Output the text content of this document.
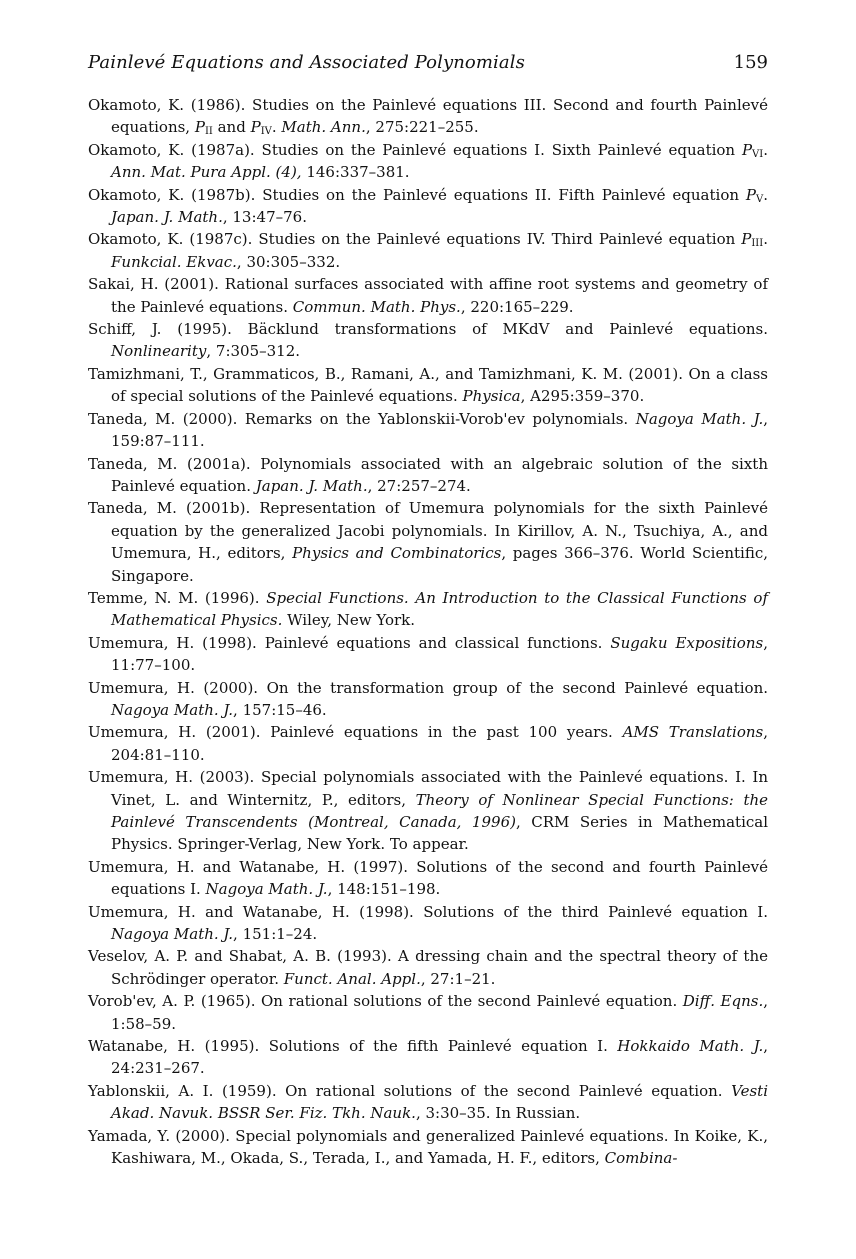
Painlevé Equations and Associated Polynomials	159
Okamoto, K. (1986). Studies on the Painlevé equations III. Second and fourth Painlevé equations, $P_{II}$ and $P_{IV}$. Math. Ann., 275:221–255.
Okamoto, K. (1987a). Studies on the Painlevé equations I. Sixth Painlevé equation $P_{VI}$. Ann. Mat. Pura Appl. (4), 146:337–381.
Okamoto, K. (1987b). Studies on the Painlevé equations II. Fifth Painlevé equation $P_V$. Japan. J. Math., 13:47–76.
Okamoto, K. (1987c). Studies on the Painlevé equations IV. Third Painlevé equation $P_{III}$. Funkcial. Ekvac., 30:305–332.
Sakai, H. (2001). Rational surfaces associated with affine root systems and geometry of the Painlevé equations. Commun. Math. Phys., 220:165–229.
Schiff, J. (1995). Bäcklund transformations of MKdV and Painlevé equations. Nonlinearity, 7:305–312.
Tamizhmani, T., Grammaticos, B., Ramani, A., and Tamizhmani, K. M. (2001). On a class of special solutions of the Painlevé equations. Physica, A295:359–370.
Taneda, M. (2000). Remarks on the Yablonskii-Vorob'ev polynomials. Nagoya Math. J., 159:87–111.
Taneda, M. (2001a). Polynomials associated with an algebraic solution of the sixth Painlevé equation. Japan. J. Math., 27:257–274.
Taneda, M. (2001b). Representation of Umemura polynomials for the sixth Painlevé equation by the generalized Jacobi polynomials. In Kirillov, A. N., Tsuchiya, A., and Umemura, H., editors, Physics and Combinatorics, pages 366–376. World Scientific, Singapore.
Temme, N. M. (1996). Special Functions. An Introduction to the Classical Functions of Mathematical Physics. Wiley, New York.
Umemura, H. (1998). Painlevé equations and classical functions. Sugaku Expositions, 11:77–100.
Umemura, H. (2000). On the transformation group of the second Painlevé equation. Nagoya Math. J., 157:15–46.
Umemura, H. (2001). Painlevé equations in the past 100 years. AMS Translations, 204:81–110.
Umemura, H. (2003). Special polynomials associated with the Painlevé equations. I. In Vinet, L. and Winternitz, P., editors, Theory of Nonlinear Special Functions: the Painlevé Transcendents (Montreal, Canada, 1996), CRM Series in Mathematical Physics. Springer-Verlag, New York. To appear.
Umemura, H. and Watanabe, H. (1997). Solutions of the second and fourth Painlevé equations I. Nagoya Math. J., 148:151–198.
Umemura, H. and Watanabe, H. (1998). Solutions of the third Painlevé equation I. Nagoya Math. J., 151:1–24.
Veselov, A. P. and Shabat, A. B. (1993). A dressing chain and the spectral theory of the Schrödinger operator. Funct. Anal. Appl., 27:1–21.
Vorob'ev, A. P. (1965). On rational solutions of the second Painlevé equation. Diff. Eqns., 1:58–59.
Watanabe, H. (1995). Solutions of the fifth Painlevé equation I. Hokkaido Math. J., 24:231–267.
Yablonskii, A. I. (1959). On rational solutions of the second Painlevé equation. Vesti Akad. Navuk. BSSR Ser. Fiz. Tkh. Nauk., 3:30–35. In Russian.
Yamada, Y. (2000). Special polynomials and generalized Painlevé equations. In Koike, K., Kashiwara, M., Okada, S., Terada, I., and Yamada, H. F., editors, Combina-
